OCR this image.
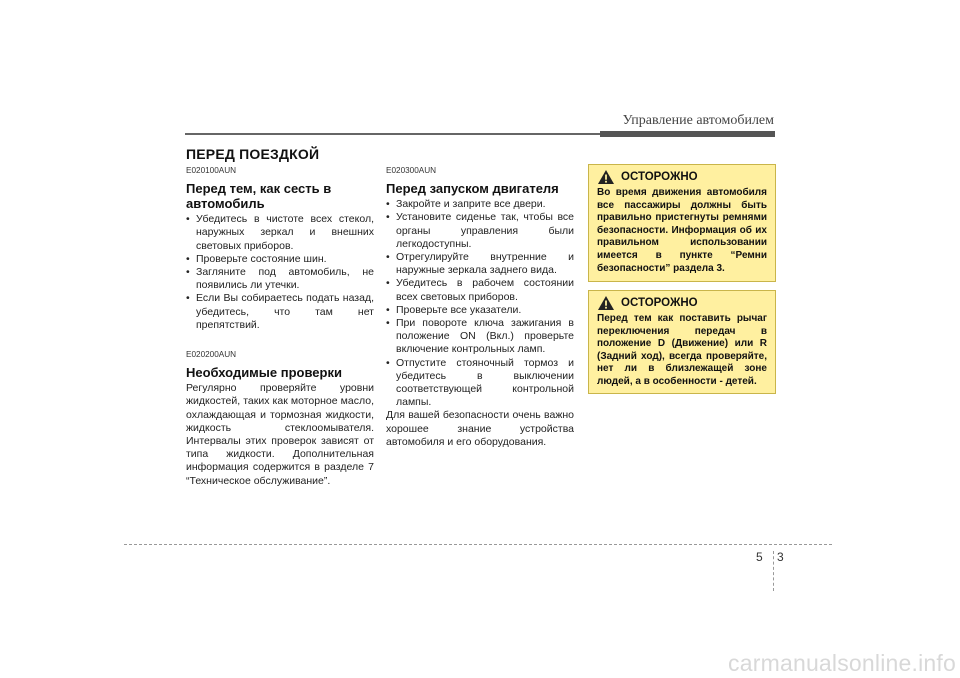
Управление автомобилем
ПЕРЕД ПОЕЗДКОЙ
E020100AUN
Перед тем, как сесть в автомобиль
• Убедитесь в чистоте всех стекол, наружных зеркал и внешних световых приборов.
• Проверьте состояние шин.
• Загляните под автомобиль, не появились ли утечки.
• Если Вы собираетесь подать назад, убедитесь, что там нет препятствий.
E020200AUN
Необходимые проверки

Регулярно проверяйте уровни жидкостей, таких как моторное масло, охлаждающая и тормозная жидкости, жидкость стеклоомывателя. Интервалы этих проверок зависят от типа жидкости. Дополнительная информация содержится в разделе 7 “Техническое обслуживание”.

E020300AUN
Перед запуском двигателя
• Закройте и заприте все двери.
• Установите сиденье так, чтобы все органы управления были легкодоступны.
• Отрегулируйте внутренние и наружные зеркала заднего вида.
• Убедитесь в рабочем состоянии всех световых приборов.
• Проверьте все указатели.
• При повороте ключа зажигания в положение ON (Вкл.) проверьте включение контрольных ламп.
• Отпустите стояночный тормоз и убедитесь в выключении соответствующей контрольной лампы.

Для вашей безопасности очень важно хорошее знание устройства автомобиля и его оборудования.

ОСТОРОЖНО

Во время движения автомобиля все пассажиры должны быть правильно пристегнуты ремнями безопасности. Информация об их правильном использовании имеется в пункте “Ремни безопасности” раздела 3.

ОСТОРОЖНО

Перед тем как поставить рычаг переключения передач в положение D (Движение) или R (Задний ход), всегда проверяйте, нет ли в близлежащей зоне людей, а в особенности - детей.

5 3
carmanualsonline.info
